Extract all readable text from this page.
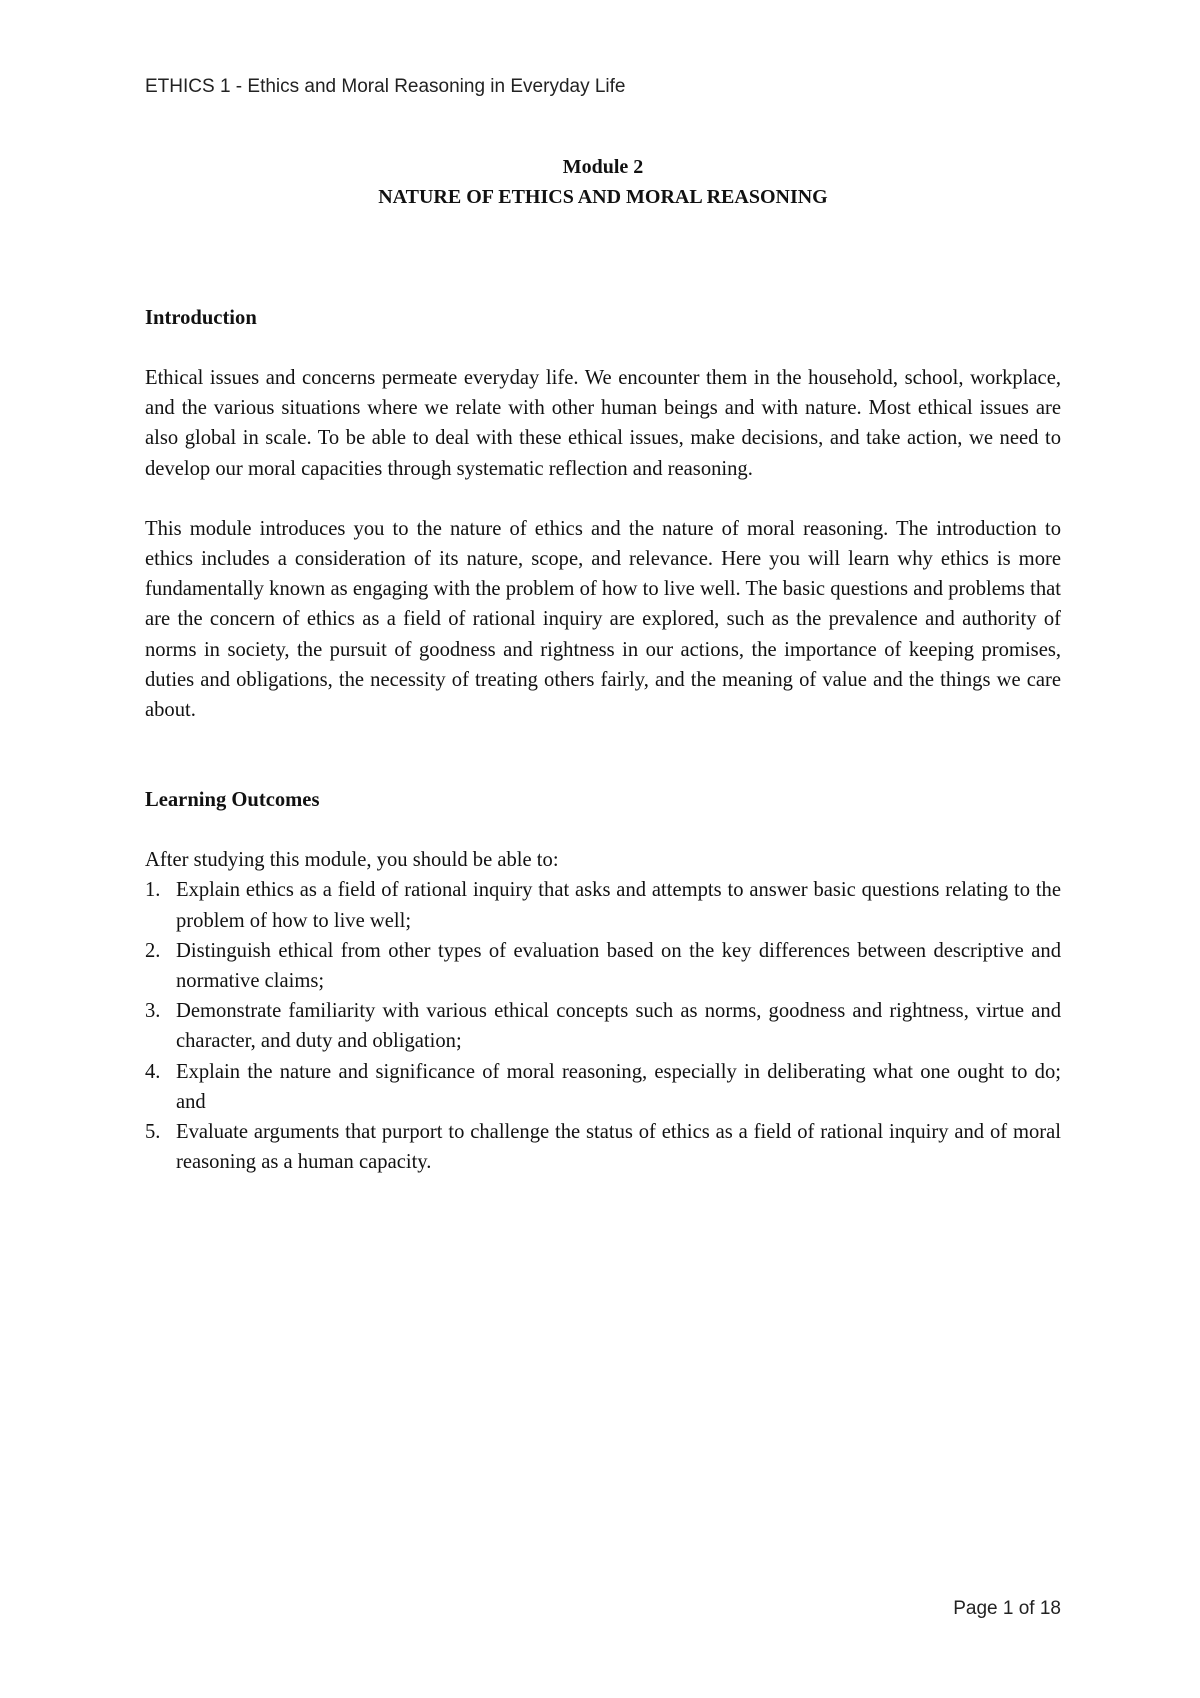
ETHICS 1 - Ethics and Moral Reasoning in Everyday Life
Module 2
NATURE OF ETHICS AND MORAL REASONING
Introduction

Ethical issues and concerns permeate everyday life. We encounter them in the household, school, workplace, and the various situations where we relate with other human beings and with nature. Most ethical issues are also global in scale. To be able to deal with these ethical issues, make decisions, and take action, we need to develop our moral capacities through systematic reflection and reasoning.

This module introduces you to the nature of ethics and the nature of moral reasoning. The introduction to ethics includes a consideration of its nature, scope, and relevance. Here you will learn why ethics is more fundamentally known as engaging with the problem of how to live well. The basic questions and problems that are the concern of ethics as a field of rational inquiry are explored, such as the prevalence and authority of norms in society, the pursuit of goodness and rightness in our actions, the importance of keeping promises, duties and obligations, the necessity of treating others fairly, and the meaning of value and the things we care about.

Learning Outcomes

After studying this module, you should be able to:

1. Explain ethics as a field of rational inquiry that asks and attempts to answer basic questions relating to the problem of how to live well;
2. Distinguish ethical from other types of evaluation based on the key differences between descriptive and normative claims;
3. Demonstrate familiarity with various ethical concepts such as norms, goodness and rightness, virtue and character, and duty and obligation;
4. Explain the nature and significance of moral reasoning, especially in deliberating what one ought to do; and
5. Evaluate arguments that purport to challenge the status of ethics as a field of rational inquiry and of moral reasoning as a human capacity.
Page 1 of 18
